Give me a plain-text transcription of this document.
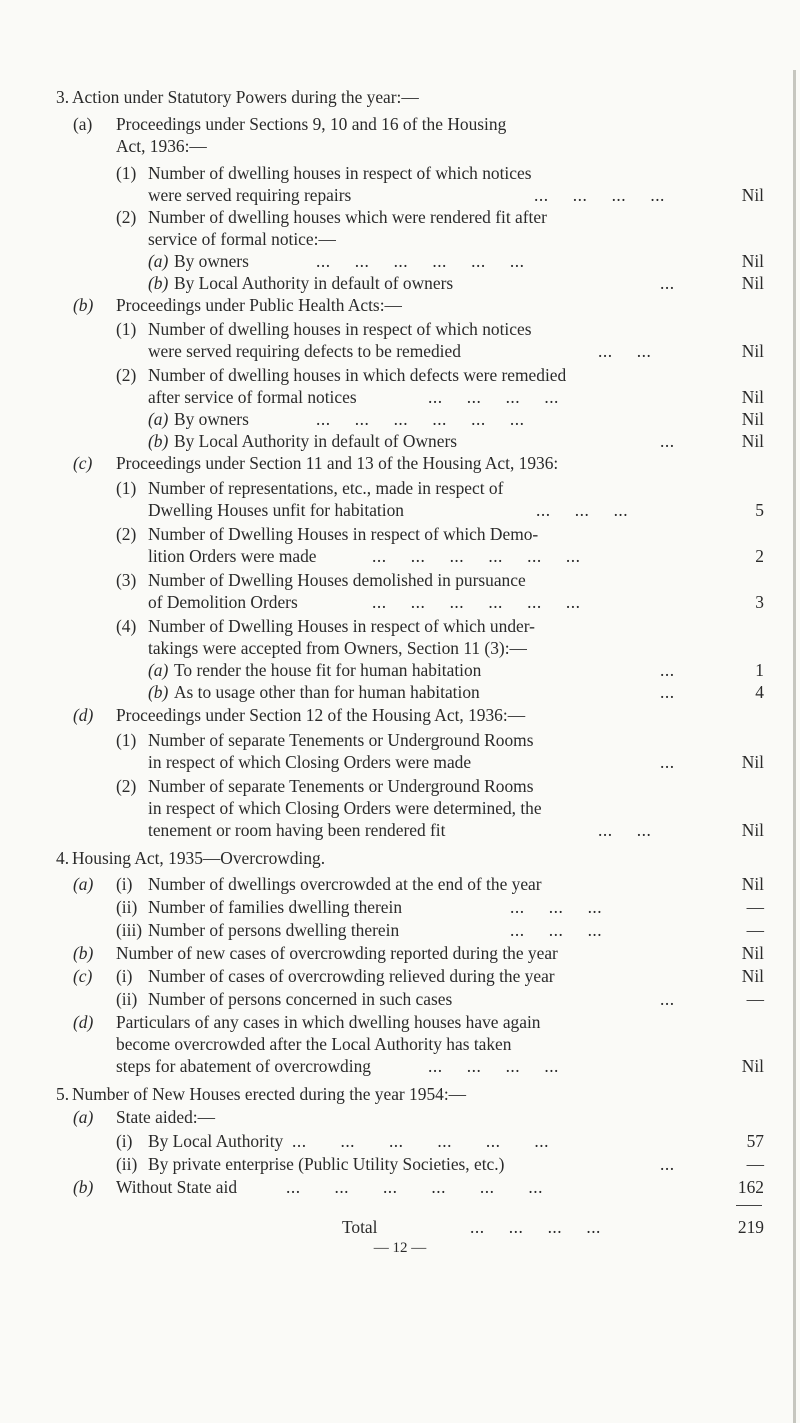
3. Action under Statutory Powers during the year:—
(a) Proceedings under Sections 9, 10 and 16 of the Housing
Act, 1936:—
(1) Number of dwelling houses in respect of which notices
were served requiring repairs	...     ...     ...     ...	Nil
(2) Number of dwelling houses which were rendered fit after
service of formal notice:—
(a) By owners	...     ...     ...     ...     ...     ...	Nil
(b) By Local Authority in default of owners	...	Nil
(b) Proceedings under Public Health Acts:—
(1) Number of dwelling houses in respect of which notices
were served requiring defects to be remedied	...     ...	Nil
(2) Number of dwelling houses in which defects were remedied
after service of formal notices	...     ...     ...     ...	Nil
(a) By owners	...     ...     ...     ...     ...     ...	Nil
(b) By Local Authority in default of Owners	...	Nil
(c) Proceedings under Section 11 and 13 of the Housing Act, 1936:
(1) Number of representations, etc., made in respect of
Dwelling Houses unfit for habitation	...     ...     ...	5
(2) Number of Dwelling Houses in respect of which Demo-
lition Orders were made	...     ...     ...     ...     ...     ...	2
(3) Number of Dwelling Houses demolished in pursuance
of Demolition Orders	...     ...     ...     ...     ...     ...	3
(4) Number of Dwelling Houses in respect of which under-
takings were accepted from Owners, Section 11 (3):—
(a) To render the house fit for human habitation	...	1
(b) As to usage other than for human habitation	...	4
(d) Proceedings under Section 12 of the Housing Act, 1936:—
(1) Number of separate Tenements or Underground Rooms
in respect of which Closing Orders were made	...	Nil
(2) Number of separate Tenements or Underground Rooms
in respect of which Closing Orders were determined, the
tenement or room having been rendered fit	...     ...	Nil
4. Housing Act, 1935—Overcrowding.
(a) (i) Number of dwellings overcrowded at the end of the year	Nil
(ii) Number of families dwelling therein	...     ...     ...	—
(iii) Number of persons dwelling therein	...     ...     ...	—
(b) Number of new cases of overcrowding reported during the year	Nil
(c) (i) Number of cases of overcrowding relieved during the year	Nil
(ii) Number of persons concerned in such cases	...	—
(d) Particulars of any cases in which dwelling houses have again
become overcrowded after the Local Authority has taken
steps for abatement of overcrowding	...     ...     ...     ...	Nil
5. Number of New Houses erected during the year 1954:—
(a) State aided:—
(i) By Local Authority ...       ...       ...       ...       ...       ...	57
(ii) By private enterprise (Public Utility Societies, etc.)	...	—
(b) Without State aid	...       ...       ...       ...       ...       ...	162
Total	...     ...     ...     ...	219
— 12 —
